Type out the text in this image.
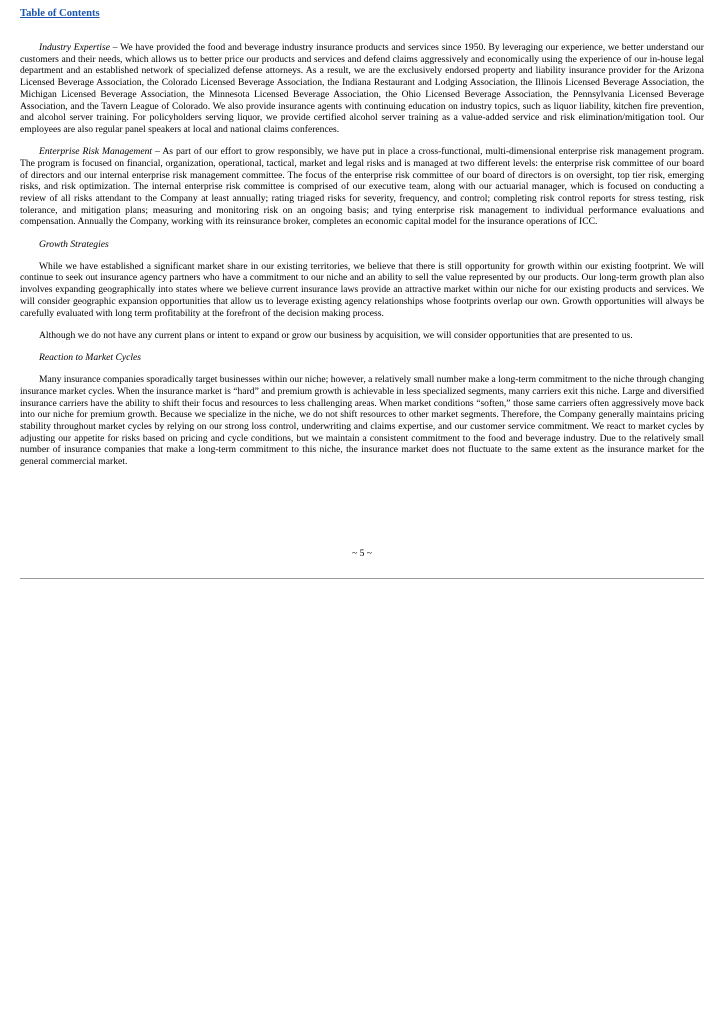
Table of Contents

Industry Expertise – We have provided the food and beverage industry insurance products and services since 1950. By leveraging our experience, we better understand our customers and their needs, which allows us to better price our products and services and defend claims aggressively and economically using the experience of our in-house legal department and an established network of specialized defense attorneys. As a result, we are the exclusively endorsed property and liability insurance provider for the Arizona Licensed Beverage Association, the Colorado Licensed Beverage Association, the Indiana Restaurant and Lodging Association, the Illinois Licensed Beverage Association, the Michigan Licensed Beverage Association, the Minnesota Licensed Beverage Association, the Ohio Licensed Beverage Association, the Pennsylvania Licensed Beverage Association, and the Tavern League of Colorado. We also provide insurance agents with continuing education on industry topics, such as liquor liability, kitchen fire prevention, and alcohol server training. For policyholders serving liquor, we provide certified alcohol server training as a value-added service and risk elimination/mitigation tool. Our employees are also regular panel speakers at local and national claims conferences.

Enterprise Risk Management – As part of our effort to grow responsibly, we have put in place a cross-functional, multi-dimensional enterprise risk management program. The program is focused on financial, organization, operational, tactical, market and legal risks and is managed at two different levels: the enterprise risk committee of our board of directors and our internal enterprise risk management committee. The focus of the enterprise risk committee of our board of directors is on oversight, top tier risk, emerging risks, and risk optimization. The internal enterprise risk committee is comprised of our executive team, along with our actuarial manager, which is focused on conducting a review of all risks attendant to the Company at least annually; rating triaged risks for severity, frequency, and control; completing risk control reports for stress testing, risk tolerance, and mitigation plans; measuring and monitoring risk on an ongoing basis; and tying enterprise risk management to individual performance evaluations and compensation. Annually the Company, working with its reinsurance broker, completes an economic capital model for the insurance operations of ICC.

Growth Strategies

While we have established a significant market share in our existing territories, we believe that there is still opportunity for growth within our existing footprint. We will continue to seek out insurance agency partners who have a commitment to our niche and an ability to sell the value represented by our products. Our long-term growth plan also involves expanding geographically into states where we believe current insurance laws provide an attractive market within our niche for our existing products and services. We will consider geographic expansion opportunities that allow us to leverage existing agency relationships whose footprints overlap our own. Growth opportunities will always be carefully evaluated with long term profitability at the forefront of the decision making process.

Although we do not have any current plans or intent to expand or grow our business by acquisition, we will consider opportunities that are presented to us.

Reaction to Market Cycles

Many insurance companies sporadically target businesses within our niche; however, a relatively small number make a long-term commitment to the niche through changing insurance market cycles. When the insurance market is “hard” and premium growth is achievable in less specialized segments, many carriers exit this niche. Large and diversified insurance carriers have the ability to shift their focus and resources to less challenging areas. When market conditions “soften,” those same carriers often aggressively move back into our niche for premium growth. Because we specialize in the niche, we do not shift resources to other market segments. Therefore, the Company generally maintains pricing stability throughout market cycles by relying on our strong loss control, underwriting and claims expertise, and our customer service commitment. We react to market cycles by adjusting our appetite for risks based on pricing and cycle conditions, but we maintain a consistent commitment to the food and beverage industry. Due to the relatively small number of insurance companies that make a long-term commitment to this niche, the insurance market does not fluctuate to the same extent as the insurance market for the general commercial market.

~ 5 ~
